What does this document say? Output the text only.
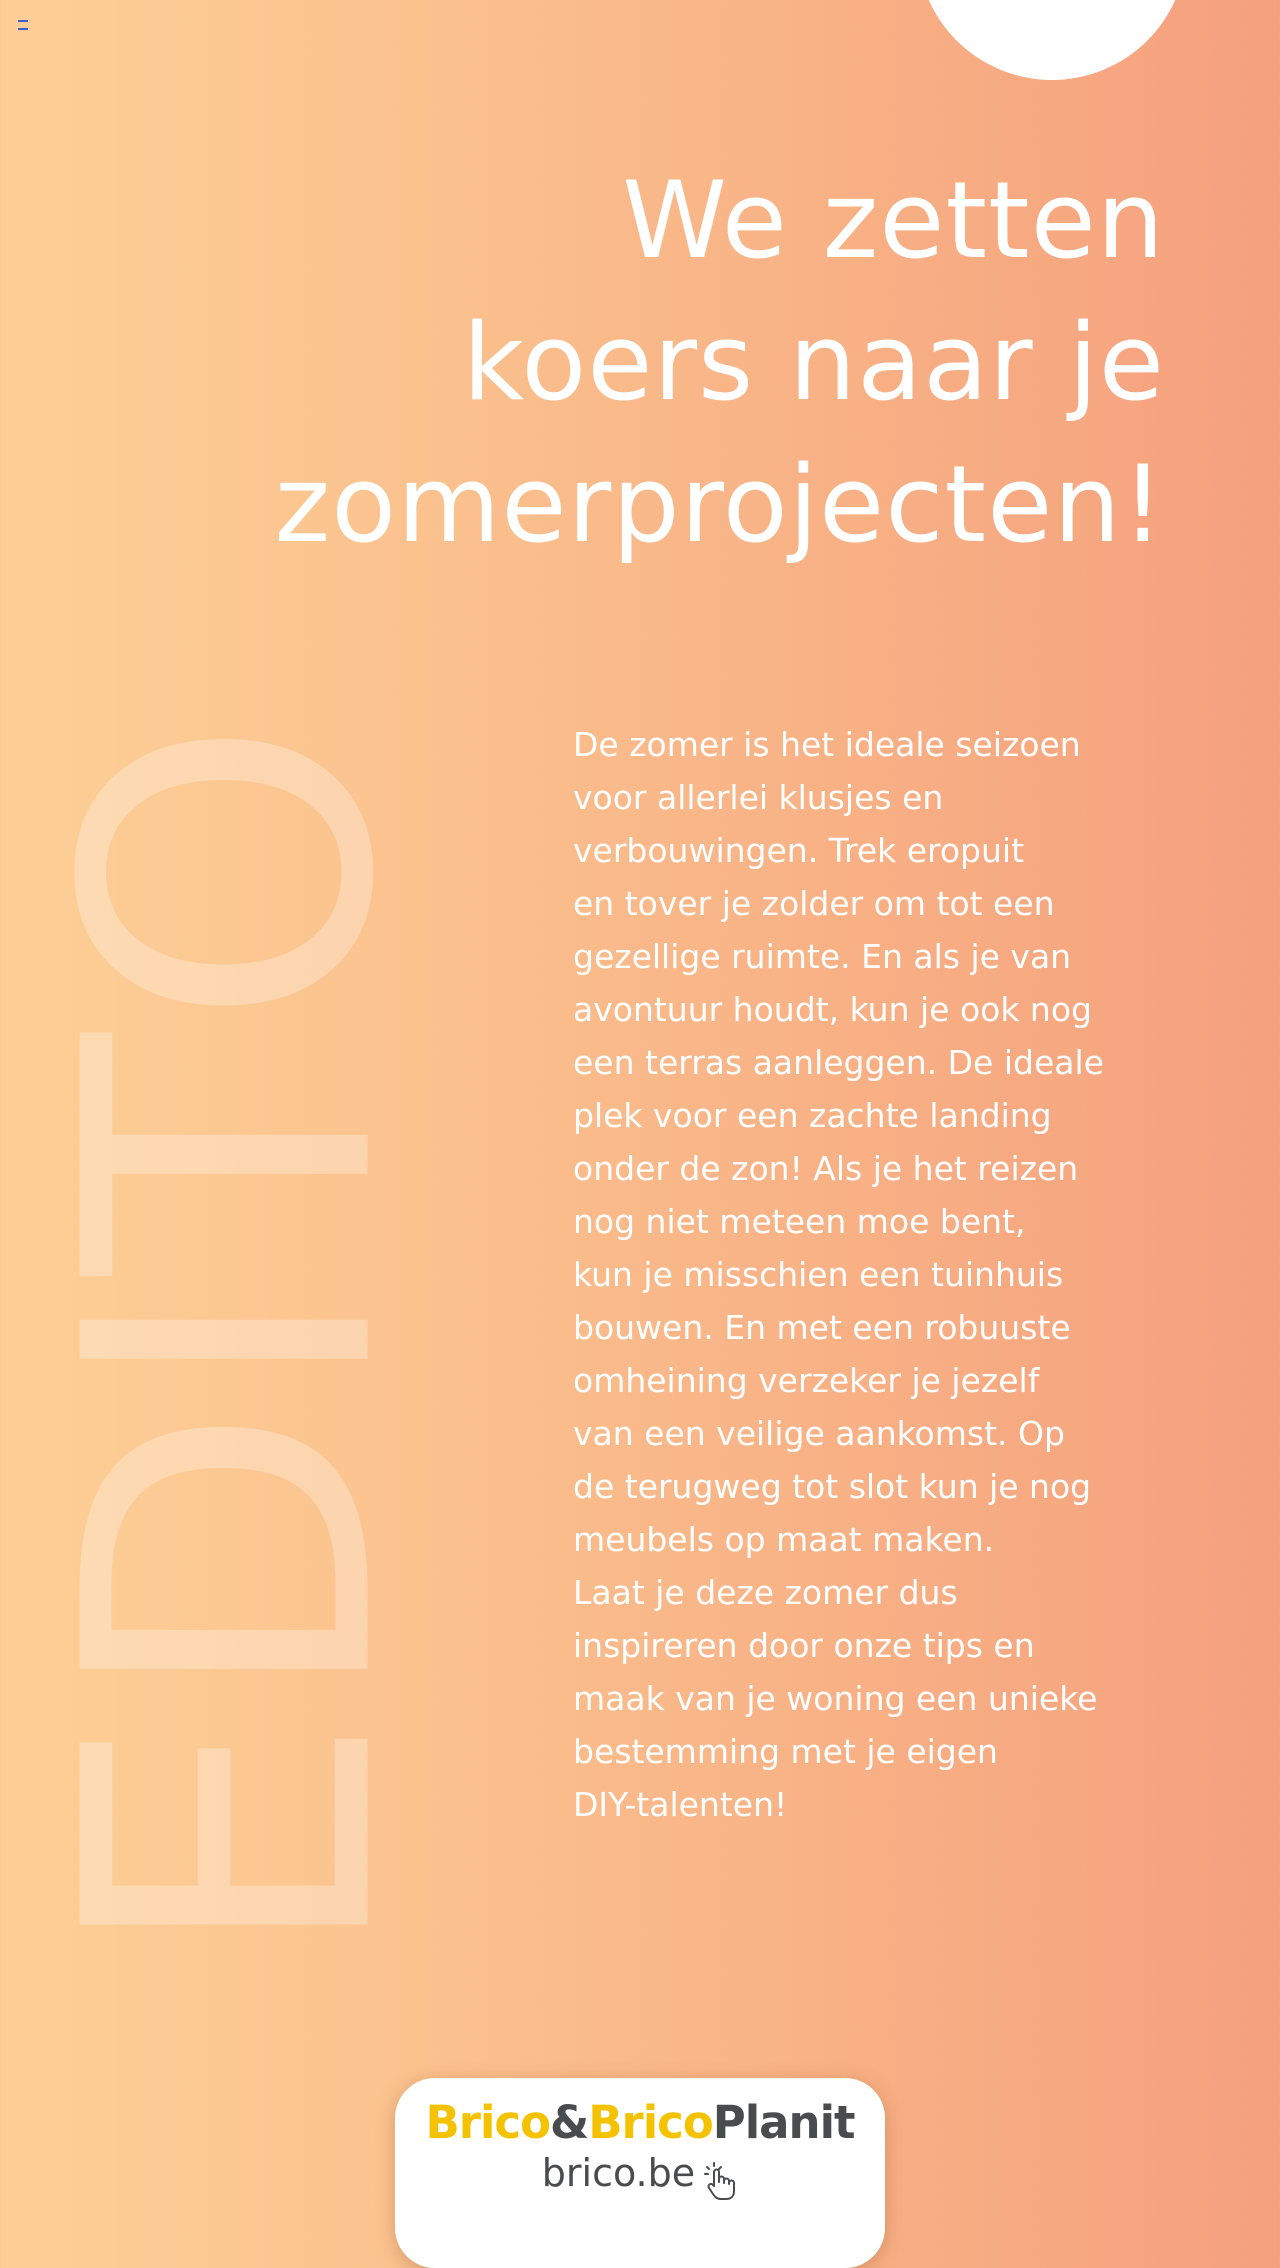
We zetten
koers naar je
zomerprojecten!
EDITO	De zomer is het ideale seizoen
voor allerlei klusjes en
verbouwingen. Trek eropuit
en tover je zolder om tot een
gezellige ruimte. En als je van
avontuur houdt, kun je ook nog
een terras aanleggen. De ideale
plek voor een zachte landing
onder de zon! Als je het reizen
nog niet meteen moe bent,
kun je misschien een tuinhuis
bouwen. En met een robuuste
omheining verzeker je jezelf
van een veilige aankomst. Op
de terugweg tot slot kun je nog
meubels op maat maken.
Laat je deze zomer dus
inspireren door onze tips en
maak van je woning een unieke
bestemming met je eigen
DIY-talenten!
Brico&BricoPlanit
brico.be
